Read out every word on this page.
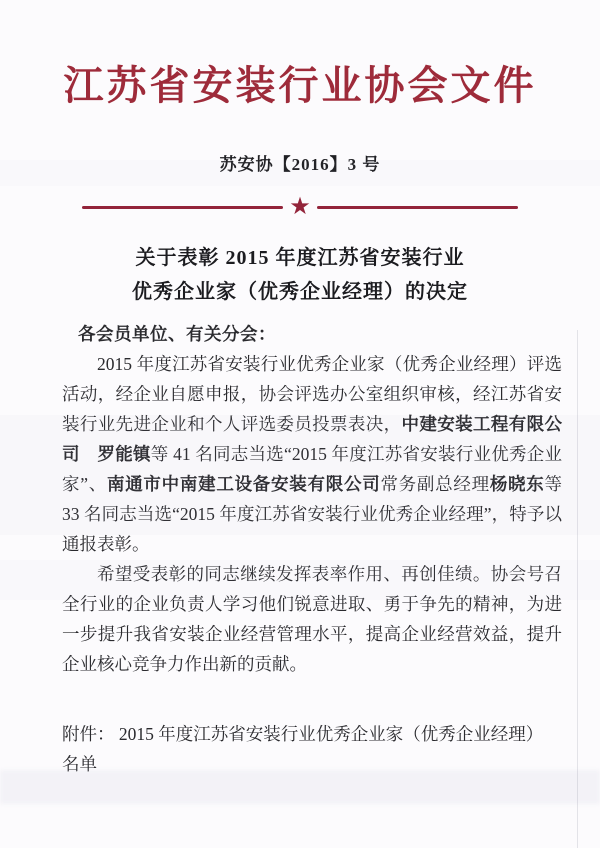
江苏省安装行业协会文件
苏安协【2016】3 号
★
关于表彰 2015 年度江苏省安装行业
优秀企业家（优秀企业经理）的决定
各会员单位、有关分会：

2015 年度江苏省安装行业优秀企业家（优秀企业经理）评选活动，经企业自愿申报，协会评选办公室组织审核，经江苏省安装行业先进企业和个人评选委员投票表决，中建安装工程有限公司　罗能镇等 41 名同志当选“2015 年度江苏省安装行业优秀企业家”、南通市中南建工设备安装有限公司常务副总经理杨晓东等 33 名同志当选“2015 年度江苏省安装行业优秀企业经理”，特予以通报表彰。

希望受表彰的同志继续发挥表率作用、再创佳绩。协会号召全行业的企业负责人学习他们锐意进取、勇于争先的精神，为进一步提升我省安装企业经营管理水平，提高企业经营效益，提升企业核心竞争力作出新的贡献。

附件： 2015 年度江苏省安装行业优秀企业家（优秀企业经理）

名单
